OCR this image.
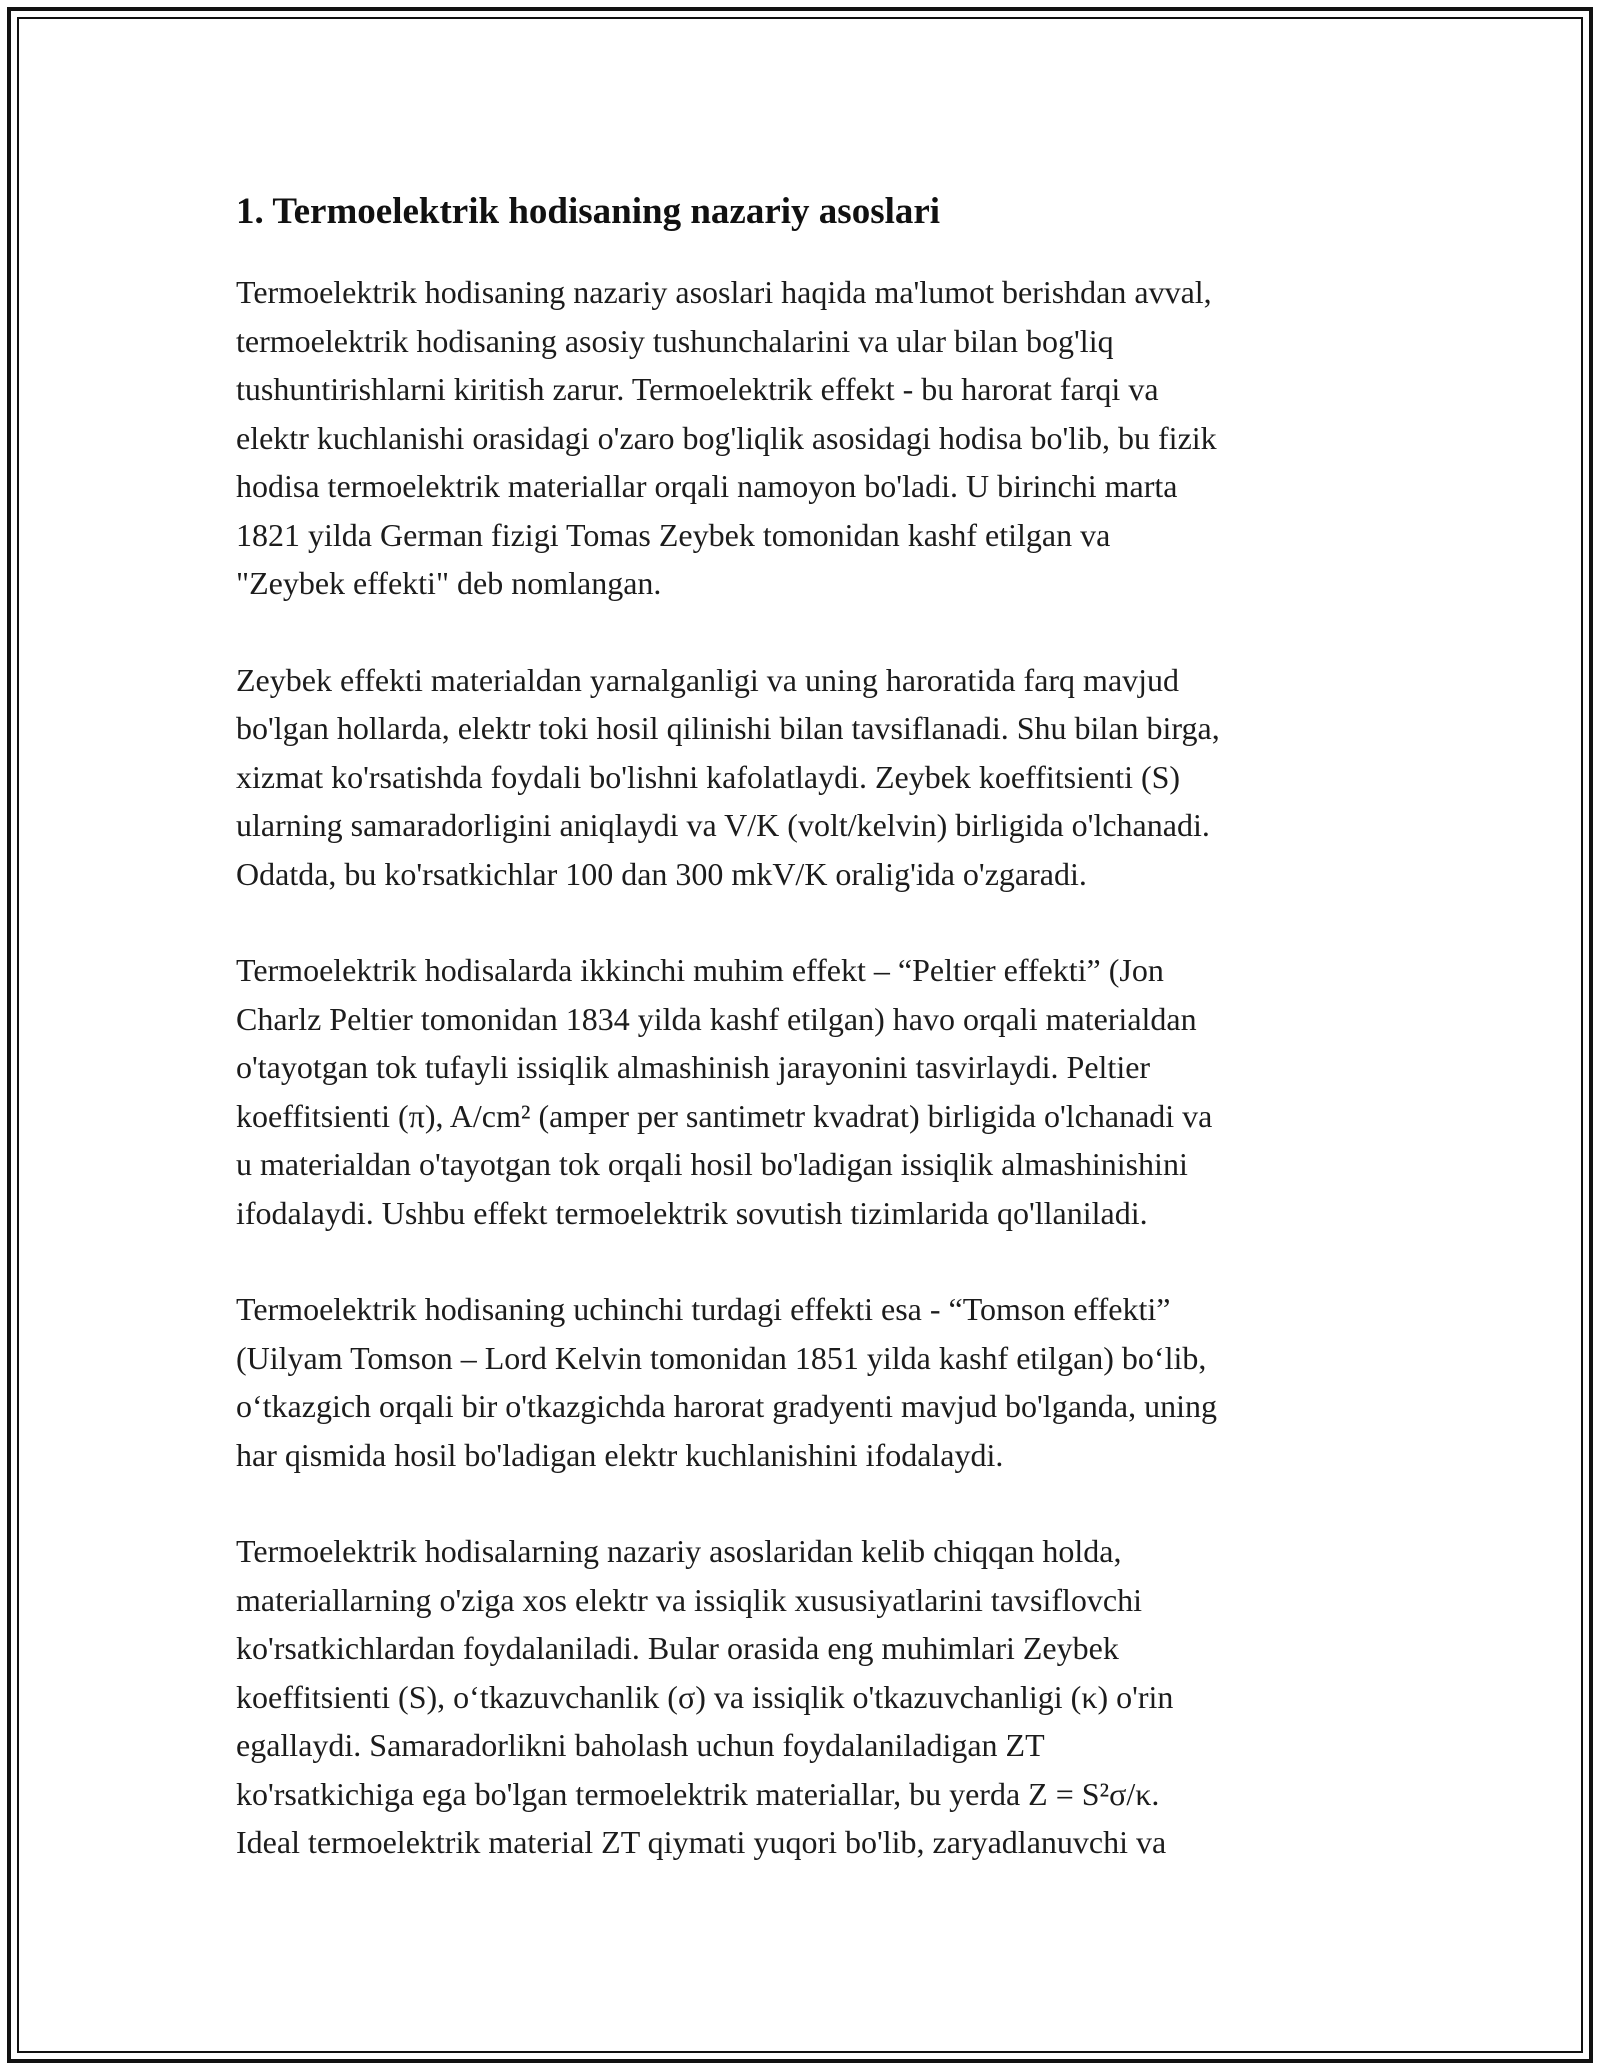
1. Termoelektrik hodisaning nazariy asoslari

Termoelektrik hodisaning nazariy asoslari haqida ma'lumot berishdan avval,
termoelektrik hodisaning asosiy tushunchalarini va ular bilan bog'liq
tushuntirishlarni kiritish zarur. Termoelektrik effekt - bu harorat farqi va
elektr kuchlanishi orasidagi o'zaro bog'liqlik asosidagi hodisa bo'lib, bu fizik
hodisa termoelektrik materiallar orqali namoyon bo'ladi. U birinchi marta
1821 yilda German fizigi Tomas Zeybek tomonidan kashf etilgan va
"Zeybek effekti" deb nomlangan.

Zeybek effekti materialdan yarnalganligi va uning haroratida farq mavjud
bo'lgan hollarda, elektr toki hosil qilinishi bilan tavsiflanadi. Shu bilan birga,
xizmat ko'rsatishda foydali bo'lishni kafolatlaydi. Zeybek koeffitsienti (S)
ularning samaradorligini aniqlaydi va V/K (volt/kelvin) birligida o'lchanadi.
Odatda, bu ko'rsatkichlar 100 dan 300 mkV/K oralig'ida o'zgaradi.

Termoelektrik hodisalarda ikkinchi muhim effekt – “Peltier effekti” (Jon
Charlz Peltier tomonidan 1834 yilda kashf etilgan) havo orqali materialdan
o'tayotgan tok tufayli issiqlik almashinish jarayonini tasvirlaydi. Peltier
koeffitsienti (π), A/cm² (amper per santimetr kvadrat) birligida o'lchanadi va
u materialdan o'tayotgan tok orqali hosil bo'ladigan issiqlik almashinishini
ifodalaydi. Ushbu effekt termoelektrik sovutish tizimlarida qo'llaniladi.

Termoelektrik hodisaning uchinchi turdagi effekti esa - “Tomson effekti”
(Uilyam Tomson – Lord Kelvin tomonidan 1851 yilda kashf etilgan) bo‘lib,
o‘tkazgich orqali bir o'tkazgichda harorat gradyenti mavjud bo'lganda, uning
har qismida hosil bo'ladigan elektr kuchlanishini ifodalaydi.

Termoelektrik hodisalarning nazariy asoslaridan kelib chiqqan holda,
materiallarning o'ziga xos elektr va issiqlik xususiyatlarini tavsiflovchi
ko'rsatkichlardan foydalaniladi. Bular orasida eng muhimlari Zeybek
koeffitsienti (S), o‘tkazuvchanlik (σ) va issiqlik o'tkazuvchanligi (κ) o'rin
egallaydi. Samaradorlikni baholash uchun foydalaniladigan ZT
ko'rsatkichiga ega bo'lgan termoelektrik materiallar, bu yerda Z = S²σ/κ.
Ideal termoelektrik material ZT qiymati yuqori bo'lib, zaryadlanuvchi va
